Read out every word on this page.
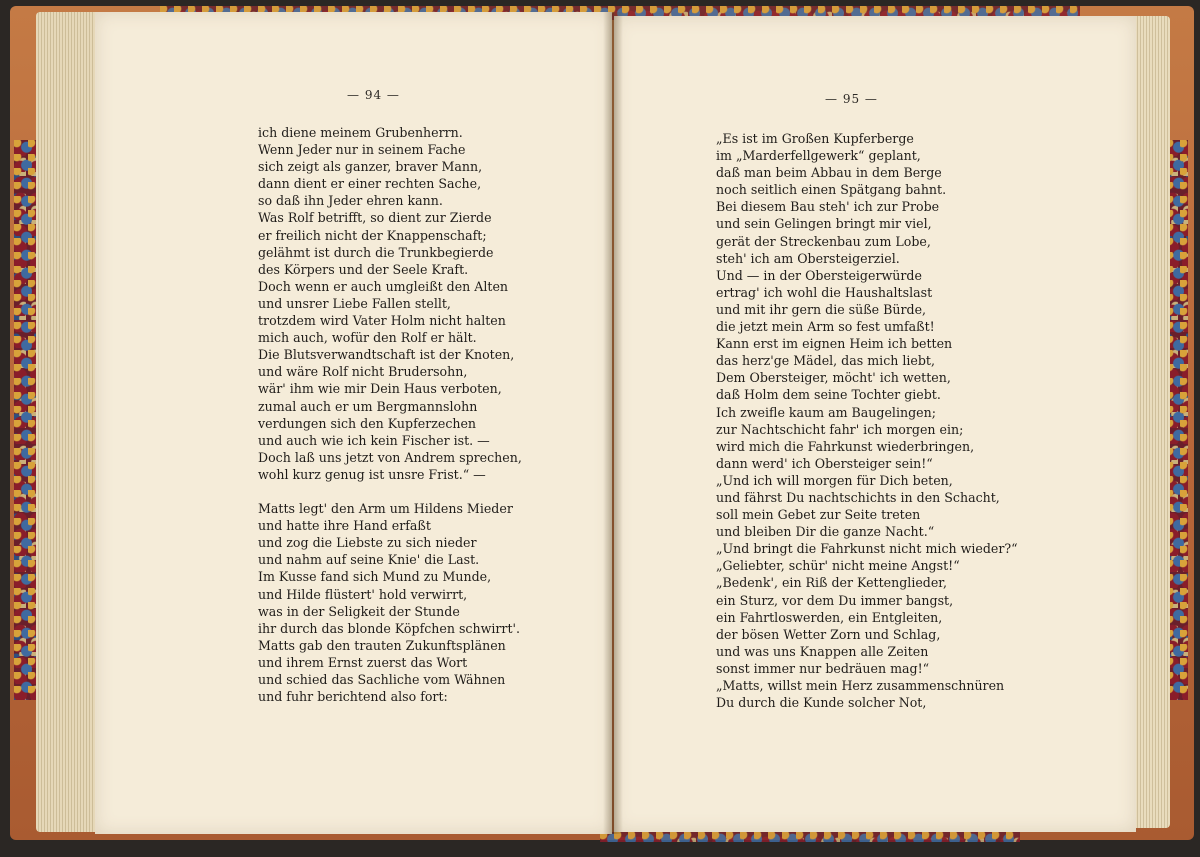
— 94 —	— 95 —
ich diene meinem Grubenherrn.
Wenn Jeder nur in seinem Fache
sich zeigt als ganzer, braver Mann,
dann dient er einer rechten Sache,
so daß ihn Jeder ehren kann.
Was Rolf betrifft, so dient zur Zierde
er freilich nicht der Knappenschaft;
gelähmt ist durch die Trunkbegierde
des Körpers und der Seele Kraft.
Doch wenn er auch umgleißt den Alten
und unsrer Liebe Fallen stellt,
trotzdem wird Vater Holm nicht halten
mich auch, wofür den Rolf er hält.
Die Blutsverwandtschaft ist der Knoten,
und wäre Rolf nicht Brudersohn,
wär' ihm wie mir Dein Haus verboten,
zumal auch er um Bergmannslohn
verdungen sich den Kupferzechen
und auch wie ich kein Fischer ist. —
Doch laß uns jetzt von Andrem sprechen,
wohl kurz genug ist unsre Frist.“ —
Matts legt' den Arm um Hildens Mieder
und hatte ihre Hand erfaßt
und zog die Liebste zu sich nieder
und nahm auf seine Knie' die Last.
Im Kusse fand sich Mund zu Munde,
und Hilde flüstert' hold verwirrt,
was in der Seligkeit der Stunde
ihr durch das blonde Köpfchen schwirrt'.
Matts gab den trauten Zukunftsplänen
und ihrem Ernst zuerst das Wort
und schied das Sachliche vom Wähnen
und fuhr berichtend also fort:
„Es ist im Großen Kupferberge
im „Marderfellgewerk“ geplant,
daß man beim Abbau in dem Berge
noch seitlich einen Spätgang bahnt.
Bei diesem Bau steh' ich zur Probe
und sein Gelingen bringt mir viel,
gerät der Streckenbau zum Lobe,
steh' ich am Obersteigerziel.
Und — in der Obersteigerwürde
ertrag' ich wohl die Haushaltslast
und mit ihr gern die süße Bürde,
die jetzt mein Arm so fest umfaßt!
Kann erst im eignen Heim ich betten
das herz'ge Mädel, das mich liebt,
Dem Obersteiger, möcht' ich wetten,
daß Holm dem seine Tochter giebt.
Ich zweifle kaum am Baugelingen;
zur Nachtschicht fahr' ich morgen ein;
wird mich die Fahrkunst wiederbringen,
dann werd' ich Obersteiger sein!“
„Und ich will morgen für Dich beten,
und fährst Du nachtschichts in den Schacht,
soll mein Gebet zur Seite treten
und bleiben Dir die ganze Nacht.“
„Und bringt die Fahrkunst nicht mich wieder?“
„Geliebter, schür' nicht meine Angst!“
„Bedenk', ein Riß der Kettenglieder,
ein Sturz, vor dem Du immer bangst,
ein Fahrtloswerden, ein Entgleiten,
der bösen Wetter Zorn und Schlag,
und was uns Knappen alle Zeiten
sonst immer nur bedräuen mag!“
„Matts, willst mein Herz zusammenschnüren
Du durch die Kunde solcher Not,
